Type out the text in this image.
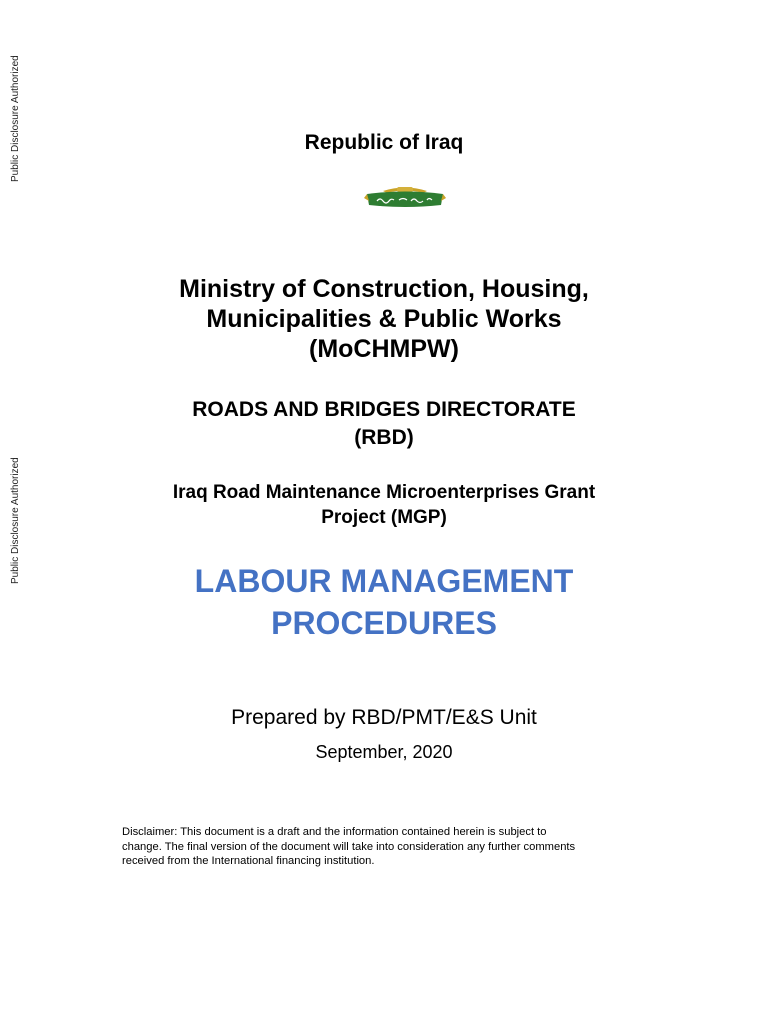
Public Disclosure Authorized
Public Disclosure Authorized
Republic of Iraq
Ministry of Construction, Housing,
Municipalities & Public Works
(MoCHMPW)
ROADS AND BRIDGES DIRECTORATE
(RBD)
Iraq Road Maintenance Microenterprises Grant
Project (MGP)
LABOUR MANAGEMENT
PROCEDURES
Prepared by RBD/PMT/E&S Unit
September, 2020
Disclaimer: This document is a draft and the information contained herein is subject to
change. The final version of the document will take into consideration any further comments
received from the International financing institution.
